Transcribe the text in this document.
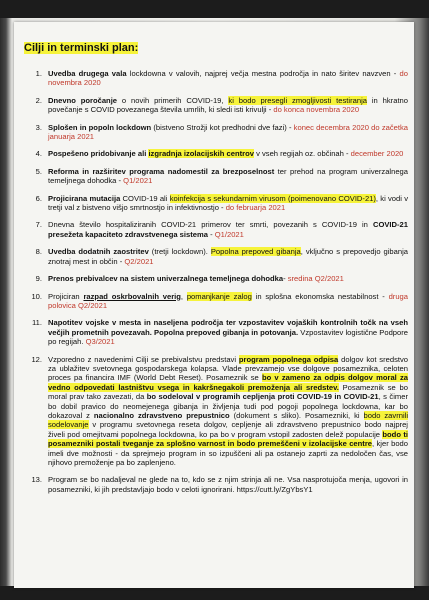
Cilji in terminski plan:
1. Uvedba drugega vala lockdowna v valovih, najprej večja mestna področja in nato širitev navzven - do novembra 2020
2. Dnevno poročanje o novih primerih COVID-19, ki bodo presegli zmogljivosti testiranja in hkratno povečanje s COVID povezanega števila umrlih, ki sledi isti krivulji - do konca novembra 2020
3. Splošen in popoln lockdown (bistveno Strožji kot predhodni dve fazi) - konec decembra 2020 do začetka januarja 2021
4. Pospešeno pridobivanje ali izgradnja izolacijskih centrov v vseh regijah oz. občinah - december 2020
5. Reforma in razširitev programa nadomestil za brezposelnost ter prehod na program univerzalnega temeljnega dohodka - Q1/2021
6. Projicirana mutacija COVID-19 ali koinfekcija s sekundarnim virusom (poimenovano COVID-21), ki vodi v tretji val z bistveno višjo smrtnostjo in infektivnostjo - do februarja 2021
7. Dnevna število hospitaliziranih COVID-21 primerov ter smrti, povezanih s COVID-19 in COVID-21 presežeta kapaciteto zdravstvenega sistema - Q1/2021
8. Uvedba dodatnih zaostritev (tretji lockdown). Popolna prepoved gibanja, vključno s prepovedjo gibanja znotraj mest in občin - Q2/2021
9. Prenos prebivalcev na sistem univerzalnega temeljnega dohodka- sredina Q2/2021
10. Projiciran razpad oskrbovalnih verig, pomanjkanje zalog in splošna ekonomska nestabilnost - druga polovica Q2/2021
11. Napotitev vojske v mesta in naseljena področja ter vzpostavitev vojaških kontrolnih točk na vseh večjih prometnih povezavah. Popolna prepoved gibanja in potovanja. Vzpostavitev logistične Podpore po regijah. Q3/2021
12. Vzporedno z navedenimi Cilji se prebivalstvu predstavi program popolnega odpisa dolgov kot sredstvo za ublažitev svetovnega gospodarskega kolapsa. Vlade prevzamejo vse dolgove posameznika, celoten proces pa financira IMF (World Debt Reset). Posameznik se bo v zameno za odpis dolgov moral za vedno odpovedati lastništvu vsega in kakršnegakoli premoženja ali sredstev. Posameznik se bo moral prav tako zavezati, da bo sodeloval v programih cepljenja proti COVID-19 in COVID-21, s čimer bo dobil pravico do neomejenega gibanja in življenja tudi pod pogoji popolnega lockdowna, kar bo dokazoval z nacionalno zdravstveno prepustnico (dokument s sliko). Posamezniki, ki bodo zavrnili sodelovanje v programu svetovnega reseta dolgov, cepljenje ali zdravstveno prepustnico bodo najprej živeli pod omejitvami popolnega lockdowna, ko pa bo v program vstopil zadosten delež populacije bodo ti posamezniki postali tveganje za splošno varnost in bodo premeščeni v izolacijske centre, kjer bodo imeli dve možnosti - da sprejmejo program in so izpuščeni ali pa ostanejo zaprti za nedoločen čas, vse njihovo premoženje pa bo zaplenjeno.
13. Program se bo nadaljeval ne glede na to, kdo se z njim strinja ali ne. Vsa nasprotujoča menja, ugovori in posamezniki, ki jih predstavljajo bodo v celoti ignorirani. https://cutt.ly/ZgYbsY1
